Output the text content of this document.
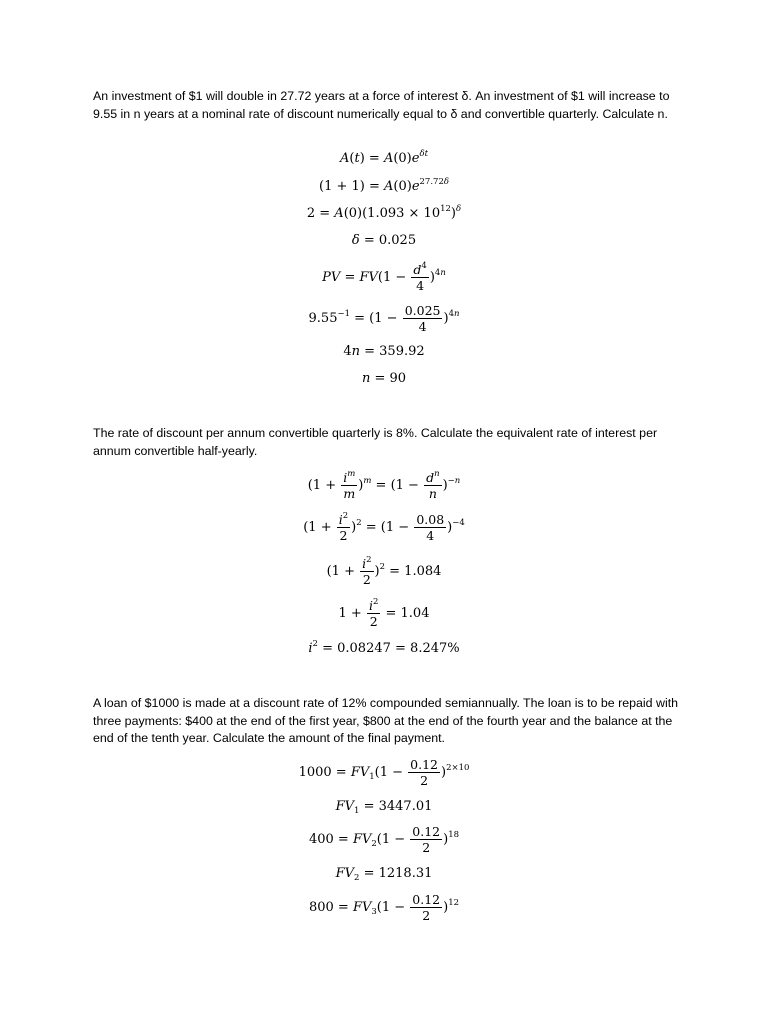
An investment of $1 will double in 27.72 years at a force of interest δ. An investment of $1 will increase to 9.55 in n years at a nominal rate of discount numerically equal to δ and convertible quarterly. Calculate n.

$A(t) = A(0)e^{\delta t}$
$(1 + 1) = A(0)e^{27.72\delta}$
$2 = A(0)(1.093 \times 10^{12})^\delta$
δ = 0.025
PV = $FV(1 - \frac{d^4}{4} )^{4n}$
$9.55^{-1} = (1 - \frac{0.025}{4} )^{4n}$
4n = 359.92
n = 90

The rate of discount per annum convertible quarterly is 8%. Calculate the equivalent rate of interest per annum convertible half-yearly.

$(1 + \frac{i^m}{m} )^m = (1 - \frac{d^n}{n} )^{-n}$
$(1 + \frac{i^2}{2} )^2 = (1 - \frac{0.08}{4} )^{-4}$
$(1 + \frac{i^2}{2} )^2 = 1.084$
$1 + \frac{i^2}{2} = 1.04$
$i^2 = 0.08247 = 8.247\%$

A loan of $1000 is made at a discount rate of 12% compounded semiannually. The loan is to be repaid with three payments: $400 at the end of the first year, $800 at the end of the fourth year and the balance at the end of the tenth year. Calculate the amount of the final payment.

$1000 = FV_1(1 - \frac{0.12}{2} )^{2\times 10}$
$FV_1 = 3447.01$
$400 = FV_2(1 - \frac{0.12}{2} )^{18}$
$FV_2 = 1218.31$
$800 = FV_3(1 - \frac{0.12}{2} )^{12}$
